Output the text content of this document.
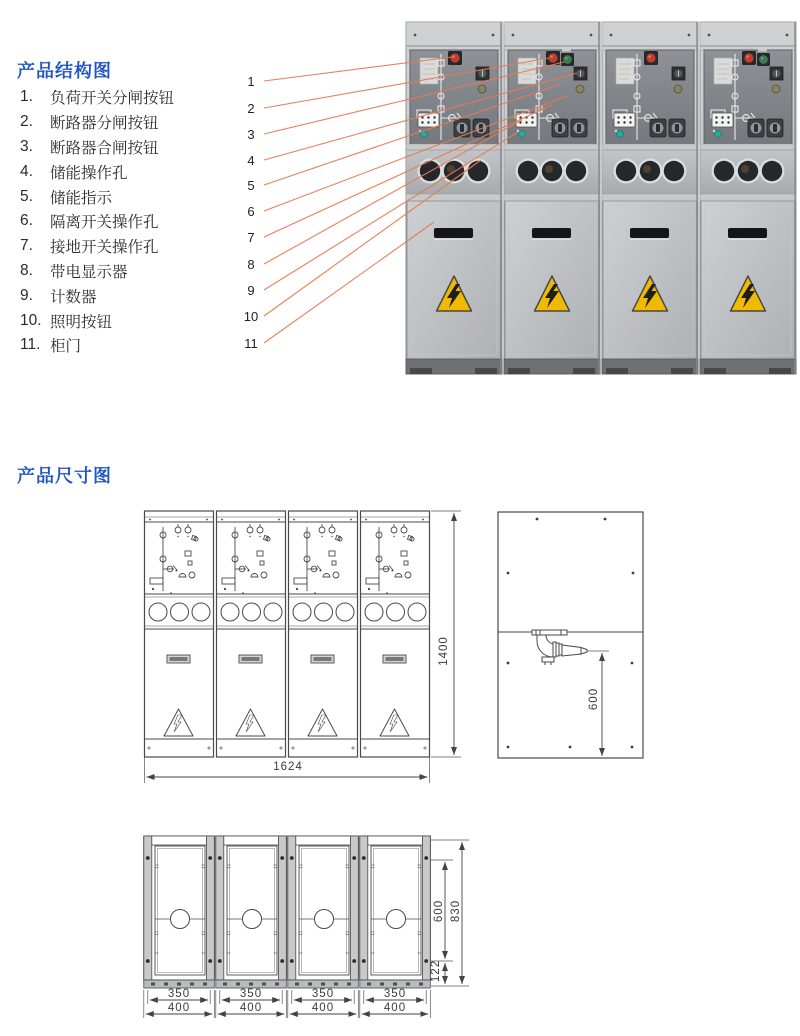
产品结构图
1.	负荷开关分闸按钮
2.	断路器分闸按钮
3.	断路器合闸按钮
4.	储能操作孔
5.	储能指示
6.	隔离开关操作孔
7.	接地开关操作孔
8.	带电显示器
9.	计数器
10. 照明按钮
11. 柜门
1
2
3
4
5
6
7
8
9
10
11
产品尺寸图
1400
1624
600
350	350	350	350
400	400	400	400
600 830
122
